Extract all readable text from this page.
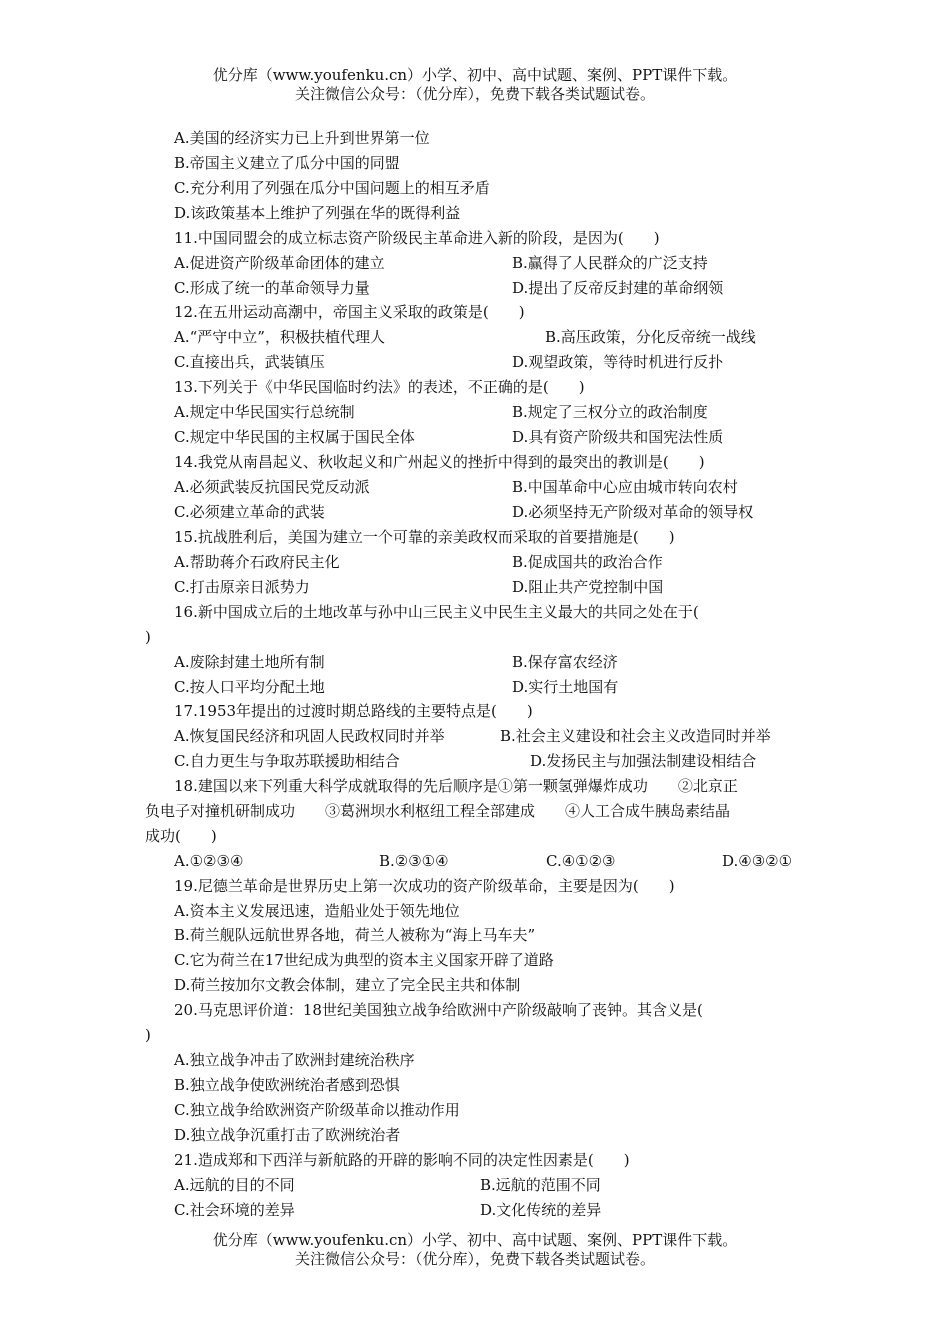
优分库（www.youfenku.cn）小学、初中、高中试题、案例、PPT课件下载。
关注微信公众号：（优分库），免费下载各类试题试卷。
A.美国的经济实力已上升到世界第一位
B.帝国主义建立了瓜分中国的同盟
C.充分利用了列强在瓜分中国问题上的相互矛盾
D.该政策基本上维护了列强在华的既得利益
11.中国同盟会的成立标志资产阶级民主革命进入新的阶段，是因为(　　)
A.促进资产阶级革命团体的建立	B.赢得了人民群众的广泛支持
C.形成了统一的革命领导力量	D.提出了反帝反封建的革命纲领
12.在五卅运动高潮中，帝国主义采取的政策是(　　)
A.“严守中立”，积极扶植代理人	B.高压政策，分化反帝统一战线
C.直接出兵，武装镇压	D.观望政策，等待时机进行反扑
13.下列关于《中华民国临时约法》的表述，不正确的是(　　)
A.规定中华民国实行总统制	B.规定了三权分立的政治制度
C.规定中华民国的主权属于国民全体	D.具有资产阶级共和国宪法性质
14.我党从南昌起义、秋收起义和广州起义的挫折中得到的最突出的教训是(　　)
A.必须武装反抗国民党反动派	B.中国革命中心应由城市转向农村
C.必须建立革命的武装	D.必须坚持无产阶级对革命的领导权
15.抗战胜利后，美国为建立一个可靠的亲美政权而采取的首要措施是(　　)
A.帮助蒋介石政府民主化	B.促成国共的政治合作
C.打击原亲日派势力	D.阻止共产党控制中国
16.新中国成立后的土地改革与孙中山三民主义中民生主义最大的共同之处在于(
)
A.废除封建土地所有制	B.保存富农经济
C.按人口平均分配土地	D.实行土地国有
17.1953年提出的过渡时期总路线的主要特点是(　　)
A.恢复国民经济和巩固人民政权同时并举	B.社会主义建设和社会主义改造同时并举
C.自力更生与争取苏联援助相结合	D.发扬民主与加强法制建设相结合
18.建国以来下列重大科学成就取得的先后顺序是①第一颗氢弹爆炸成功　　②北京正
负电子对撞机研制成功　　③葛洲坝水利枢纽工程全部建成　　④人工合成牛胰岛素结晶
成功(　　)
A.①②③④	B.②③①④	C.④①②③	D.④③②①
19.尼德兰革命是世界历史上第一次成功的资产阶级革命，主要是因为(　　)
A.资本主义发展迅速，造船业处于领先地位
B.荷兰舰队远航世界各地，荷兰人被称为“海上马车夫”
C.它为荷兰在17世纪成为典型的资本主义国家开辟了道路
D.荷兰按加尔文教会体制，建立了完全民主共和体制
20.马克思评价道：18世纪美国独立战争给欧洲中产阶级敲响了丧钟。其含义是(
)
A.独立战争冲击了欧洲封建统治秩序
B.独立战争使欧洲统治者感到恐惧
C.独立战争给欧洲资产阶级革命以推动作用
D.独立战争沉重打击了欧洲统治者
21.造成郑和下西洋与新航路的开辟的影响不同的决定性因素是(　　)
A.远航的目的不同	B.远航的范围不同
C.社会环境的差异	D.文化传统的差异
优分库（www.youfenku.cn）小学、初中、高中试题、案例、PPT课件下载。
关注微信公众号：（优分库），免费下载各类试题试卷。
